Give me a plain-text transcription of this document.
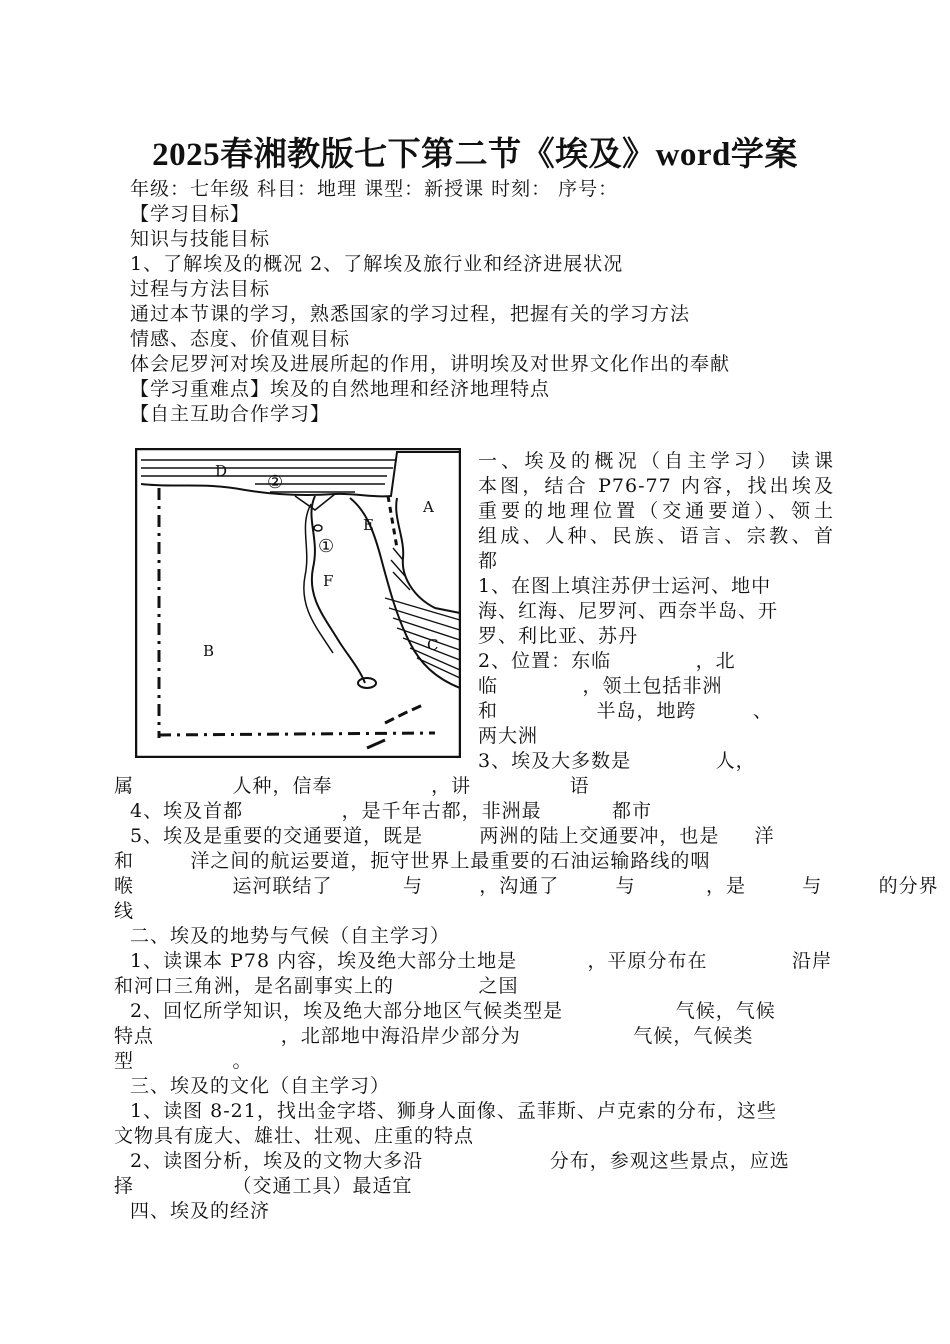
2025春湘教版七下第二节《埃及》word学案
年级：七年级 科目：地理 课型：新授课 时刻： 序号：
【学习目标】
知识与技能目标
1、了解埃及的概况 2、了解埃及旅行业和经济进展状况
过程与方法目标
通过本节课的学习，熟悉国家的学习过程，把握有关的学习方法
情感、态度、价值观目标
体会尼罗河对埃及进展所起的作用，讲明埃及对世界文化作出的奉献
【学习重难点】埃及的自然地理和经济地理特点
【自主互助合作学习】
D
②
A
E
①
F
B	C
一、埃及的概况（自主学习） 读课
本图，结合 P76-77 内容，找出埃及
重要的地理位置（交通要道）、领土
组成、人种、民族、语言、宗教、首
都
1、在图上填注苏伊士运河、地中
海、红海、尼罗河、西奈半岛、开
罗、利比亚、苏丹
2、位置：东临            ，北
临            ，领土包括非洲
和              半岛，地跨        、
两大洲
3、埃及大多数是            人，
属              人种，信奉              ，讲              语
4、埃及首都              ，是千年古都，非洲最          都市
5、埃及是重要的交通要道，既是        两洲的陆上交通要冲，也是     洋
和        洋之间的航运要道，扼守世界上最重要的石油运输路线的咽
喉              运河联结了          与        ，沟通了        与          ，是        与        的分界
线
二、埃及的地势与气候（自主学习）
1、读课本 P78 内容，埃及绝大部分土地是          ，平原分布在            沿岸
和河口三角洲，是名副事实上的            之国
2、回忆所学知识，埃及绝大部分地区气候类型是                气候，气候
特点                  ，北部地中海沿岸少部分为                气候，气候类
型              。
三、埃及的文化（自主学习）
1、读图 8-21，找出金字塔、狮身人面像、孟菲斯、卢克索的分布，这些
文物具有庞大、雄壮、壮观、庄重的特点
2、读图分析，埃及的文物大多沿                  分布，参观这些景点，应选
择              （交通工具）最适宜
四、埃及的经济
